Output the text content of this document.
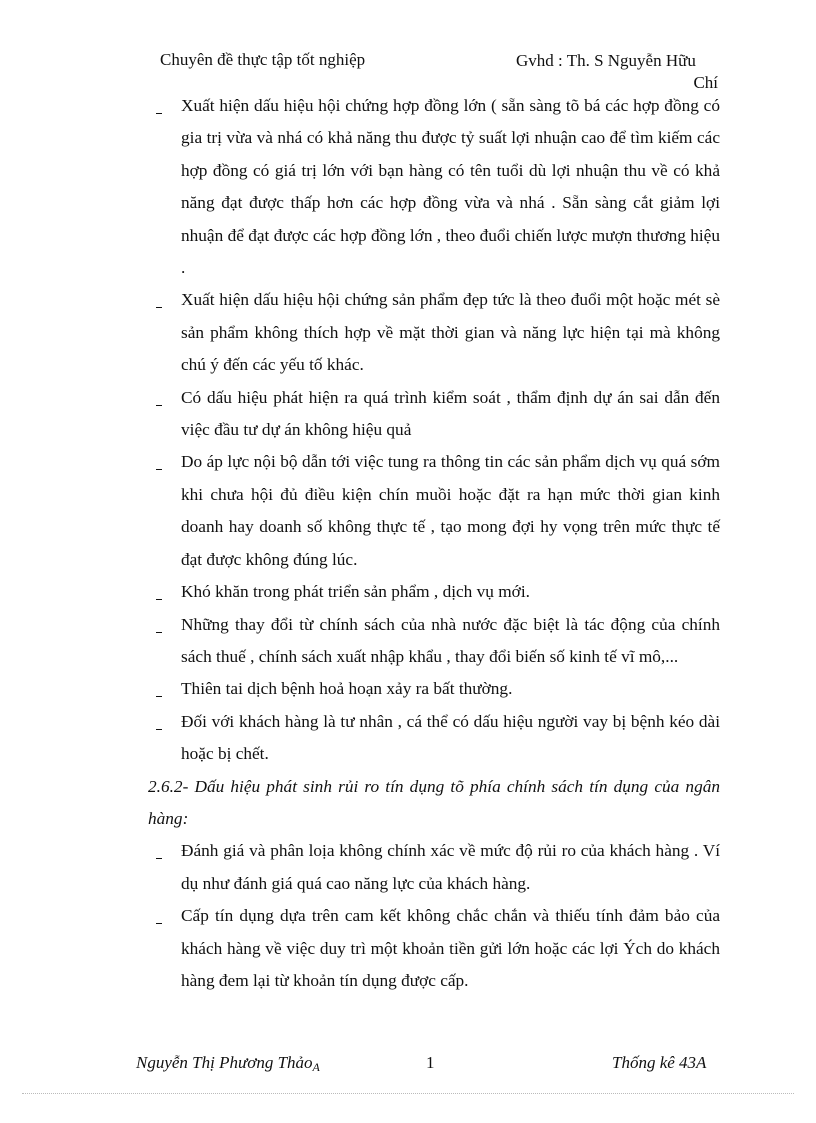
Chuyên đề thực tập tốt nghiệp	Gvhd : Th. S Nguyễn Hữu
Chí
Xuất hiện dấu hiệu hội chứng hợp đồng lớn ( sẵn sàng tõ bá các hợp đồng có gia trị vừa và nhá có khả năng thu được tỷ suất lợi nhuận cao để tìm kiếm các hợp đồng có giá trị lớn với bạn hàng có tên tuổi dù lợi nhuận thu về có khả năng đạt được thấp hơn các hợp đồng vừa và nhá . Sẵn sàng cắt giảm lợi nhuận để đạt được các hợp đồng lớn , theo đuổi chiến lược mượn thương hiệu .
Xuất hiện dấu hiệu hội chứng sản phẩm đẹp tức là theo đuổi một hoặc mét sè sản phẩm không thích hợp về mặt thời gian và năng lực hiện tại mà không chú ý đến các yếu tố khác.
Có dấu hiệu phát hiện ra quá trình kiểm soát , thẩm định dự án sai dẫn đến việc đầu tư dự án không hiệu quả
Do áp lực nội bộ dẫn tới việc tung ra thông tin các sản phẩm dịch vụ quá sớm khi chưa hội đủ điều kiện chín muồi hoặc đặt ra hạn mức thời gian kinh doanh hay doanh số không thực tế , tạo mong đợi hy vọng trên mức thực tế đạt được không đúng lúc.
Khó khăn trong phát triển sản phẩm , dịch vụ mới.
Những thay đổi từ chính sách của nhà nước đặc biệt là tác động của chính sách thuế , chính sách xuất nhập khẩu , thay đổi biến số kinh tế vĩ mô,...
Thiên tai dịch bệnh hoả hoạn xảy ra bất thường.
Đối với khách hàng là tư nhân , cá thể có dấu hiệu người vay bị bệnh kéo dài hoặc bị chết.
2.6.2- Dấu hiệu phát sinh rủi ro tín dụng tõ phía chính sách tín dụng của ngân hàng:
Đánh giá và phân loịa không chính xác về mức độ rủi ro của khách hàng . Ví dụ như đánh giá quá cao năng lực của khách hàng.
Cấp tín dụng dựa trên cam kết không chắc chắn và thiếu tính đảm bảo của khách hàng về việc duy trì một khoản tiền gửi lớn hoặc các lợi Ých do khách hàng đem lại từ khoản tín dụng được cấp.
Nguyễn Thị Phương Thảo$_A$	1	Thống kê 43A
